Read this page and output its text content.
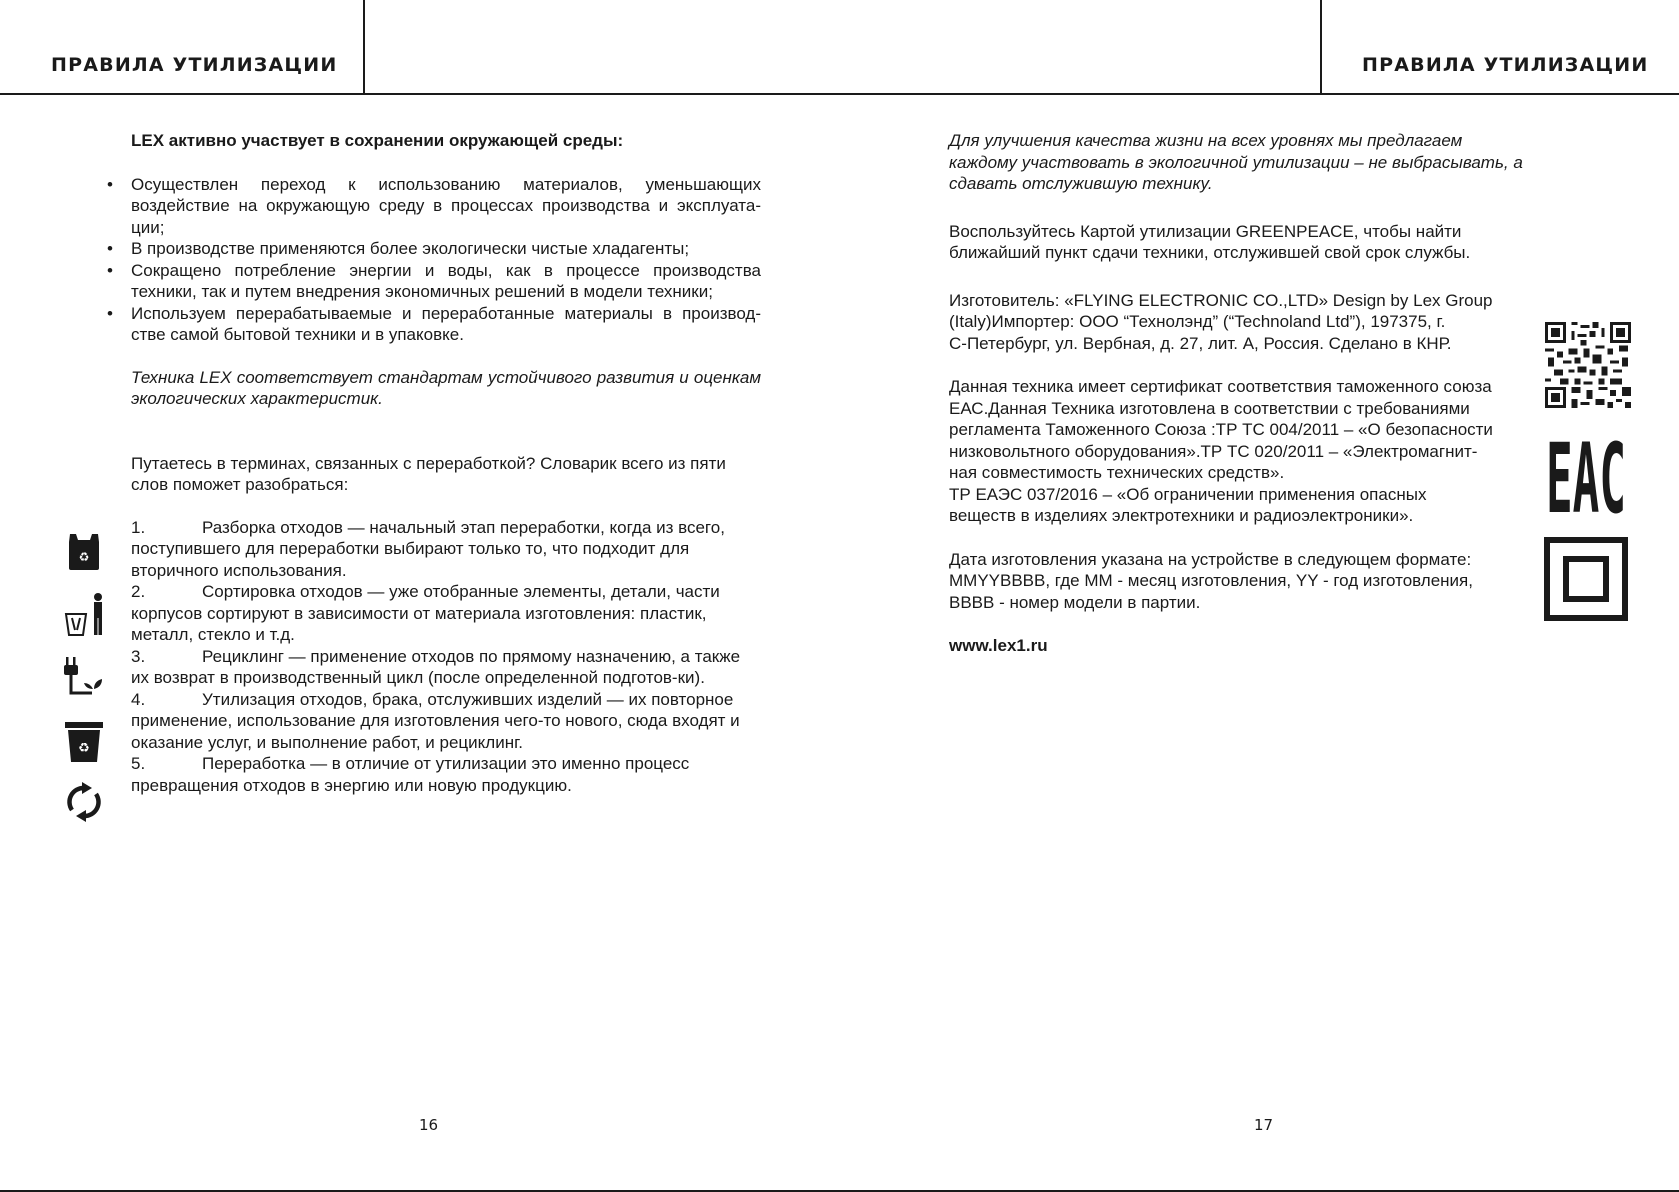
ПРАВИЛА УТИЛИЗАЦИИ	ПРАВИЛА УТИЛИЗАЦИИ

LEX активно участвует в сохранении окружающей среды:

• Осуществлен переход к использованию материалов, уменьшающих воздействие на окружающую среду в процессах производства и эксплуата-ции;
• В производстве применяются более экологически чистые хладагенты;
• Сокращено потребление энергии и воды, как в процессе производства техники, так и путем внедрения экономичных решений в модели техники;
• Используем перерабатываемые и переработанные материалы в производ-стве самой бытовой техники и в упаковке.

Техника LEX соответствует стандартам устойчивого развития и оценкам экологических характеристик.

Путаетесь в терминах, связанных с переработкой? Словарик всего из пяти слов поможет разобраться:

1.	Разборка отходов — начальный этап переработки, когда из всего, поступившего для переработки выбирают только то, что подходит для вторичного использования.

2.	Сортировка отходов — уже отобранные элементы, детали, части корпусов сортируют в зависимости от материала изготовления: пластик, металл, стекло и т.д.

3.	Рециклинг — применение отходов по прямому назначению, а также их возврат в производственный цикл (после определенной подготов-ки).

4.	Утилизация отходов, брака, отслуживших изделий — их повторное применение, использование для изготовления чего-то нового, сюда входят и оказание услуг, и выполнение работ, и рециклинг.

5.	Переработка — в отличие от утилизации это именно процесс превращения отходов в энергию или новую продукцию.

♻
♻
16

Для улучшения качества жизни на всех уровнях мы предлагаем каждому участвовать в экологичной утилизации – не выбрасывать, а сдавать отслужившую технику.

Воспользуйтесь Картой утилизации GREENPEACE, чтобы найти ближайший пункт сдачи техники, отслужившей свой срок службы.

Изготовитель: «FLYING ELECTRONIC CO.,LTD» Design by Lex Group
(Italy)Импортер: ООО “Технолэнд” (“Technoland Ltd”), 197375, г.
С-Петербург, ул. Вербная, д. 27, лит. А, Россия. Сделано в КНР.

Данная техника имеет сертификат соответствия таможенного союза
ЕАС.Данная Техника изготовлена в соответствии с требованиями
регламента Таможенного Союза :ТР ТС 004/2011 – «О безопасности
низковольтного оборудования».ТР ТС 020/2011 – «Электромагнит-
ная совместимость технических средств».
ТР ЕАЭС 037/2016 – «Об ограничении применения опасных
веществ в изделиях электротехники и радиоэлектроники».

Дата изготовления указана на устройстве в следующем формате:
MMYYBBBB, где MM - месяц изготовления, YY - год изготовления,
BBBB - номер модели в партии.

www.lex1.ru

ЕАС
17
